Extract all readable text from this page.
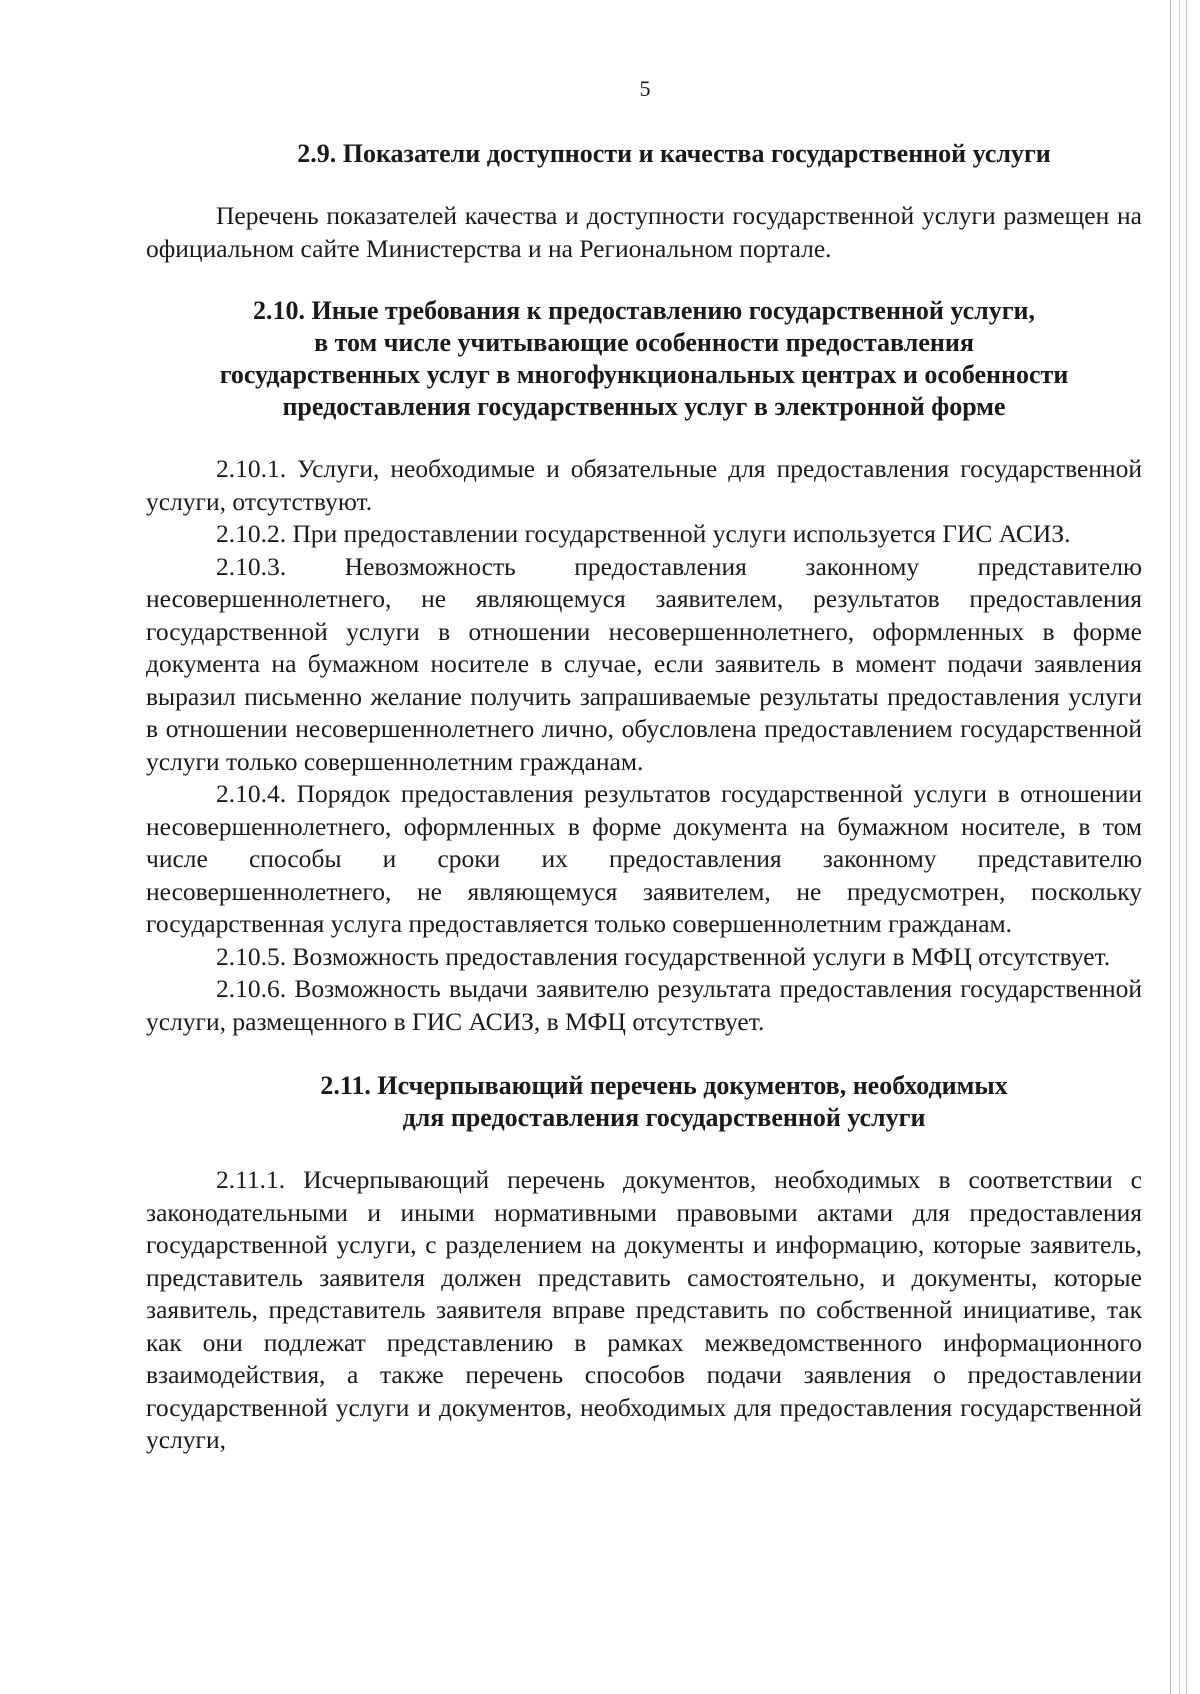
5
2.9. Показатели доступности и качества государственной услуги

Перечень показателей качества и доступности государственной услуги размещен на официальном сайте Министерства и на Региональном портале.

2.10. Иные требования к предоставлению государственной услуги,
в том числе учитывающие особенности предоставления
государственных услуг в многофункциональных центрах и особенности
предоставления государственных услуг в электронной форме

2.10.1. Услуги, необходимые и обязательные для предоставления государственной услуги, отсутствуют.

2.10.2. При предоставлении государственной услуги используется ГИС АСИЗ.

2.10.3. Невозможность предоставления законному представителю несовершеннолетнего, не являющемуся заявителем, результатов предоставления государственной услуги в отношении несовершеннолетнего, оформленных в форме документа на бумажном носителе в случае, если заявитель в момент подачи заявления выразил письменно желание получить запрашиваемые результаты предоставления услуги в отношении несовершеннолетнего лично, обусловлена предоставлением государственной услуги только совершеннолетним гражданам.

2.10.4. Порядок предоставления результатов государственной услуги в отношении несовершеннолетнего, оформленных в форме документа на бумажном носителе, в том числе способы и сроки их предоставления законному представителю несовершеннолетнего, не являющемуся заявителем, не предусмотрен, поскольку государственная услуга предоставляется только совершеннолетним гражданам.

2.10.5. Возможность предоставления государственной услуги в МФЦ отсутствует.

2.10.6. Возможность выдачи заявителю результата предоставления государственной услуги, размещенного в ГИС АСИЗ, в МФЦ отсутствует.

2.11. Исчерпывающий перечень документов, необходимых
для предоставления государственной услуги

2.11.1. Исчерпывающий перечень документов, необходимых в соответствии с законодательными и иными нормативными правовыми актами для предоставления государственной услуги, с разделением на документы и информацию, которые заявитель, представитель заявителя должен представить самостоятельно, и документы, которые заявитель, представитель заявителя вправе представить по собственной инициативе, так как они подлежат представлению в рамках межведомственного информационного взаимодействия, а также перечень способов подачи заявления о предоставлении государственной услуги и документов, необходимых для предоставления государственной услуги,
